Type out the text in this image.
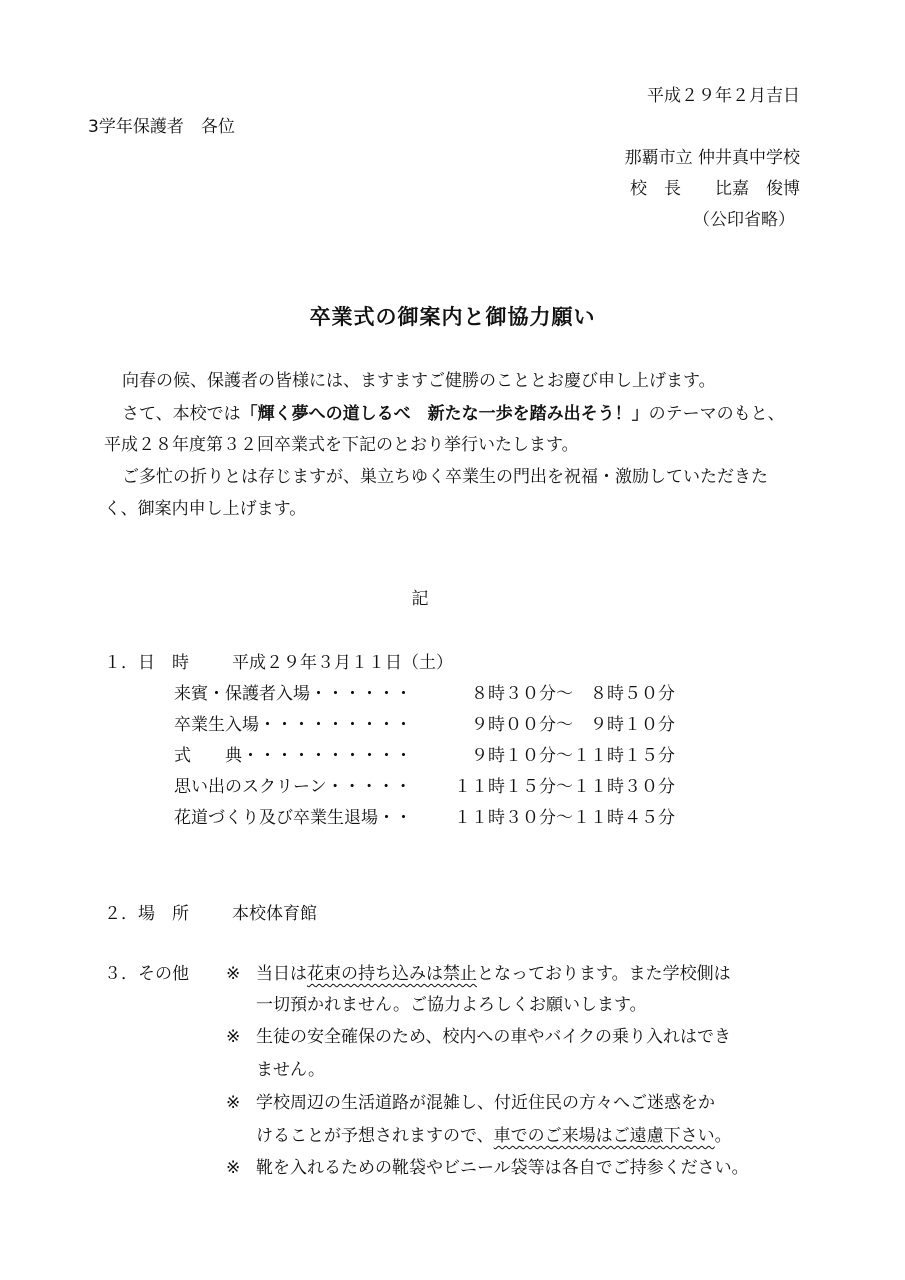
平成２９年２月吉日
3学年保護者　各位
那覇市立 仲井真中学校
校　長　　比嘉　俊博
（公印省略）
卒業式の御案内と御協力願い
向春の候、保護者の皆様には、ますますご健勝のこととお慶び申し上げます。
さて、本校では「輝く夢への道しるべ　新たな一歩を踏み出そう！」のテーマのもと、
平成２８年度第３２回卒業式を下記のとおり挙行いたします。
ご多忙の折りとは存じますが、巣立ちゆく卒業生の門出を祝福・激励していただきた
く、御案内申し上げます。
記
１．日　時	平成２９年３月１１日（土）
来賓・保護者入場・・・・・・　８時３０分～　８時５０分
卒業生入場・・・・・・・・・　９時００分～　９時１０分
式　　典・・・・・・・・・・　９時１０分～１１時１５分
思い出のスクリーン・・・・・ １１時１５分～１１時３０分
花道づくり及び卒業生退場・・ １１時３０分～１１時４５分
２．場　所	本校体育館
３．その他 ※ 当日は花束の持ち込みは禁止となっております。また学校側は
一切預かれません。ご協力よろしくお願いします。
※ 生徒の安全確保のため、校内への車やバイクの乗り入れはでき
ません。
※ 学校周辺の生活道路が混雑し、付近住民の方々へご迷惑をか
けることが予想されますので、車でのご来場はご遠慮下さい。
※ 靴を入れるための靴袋やビニール袋等は各自でご持参ください。
